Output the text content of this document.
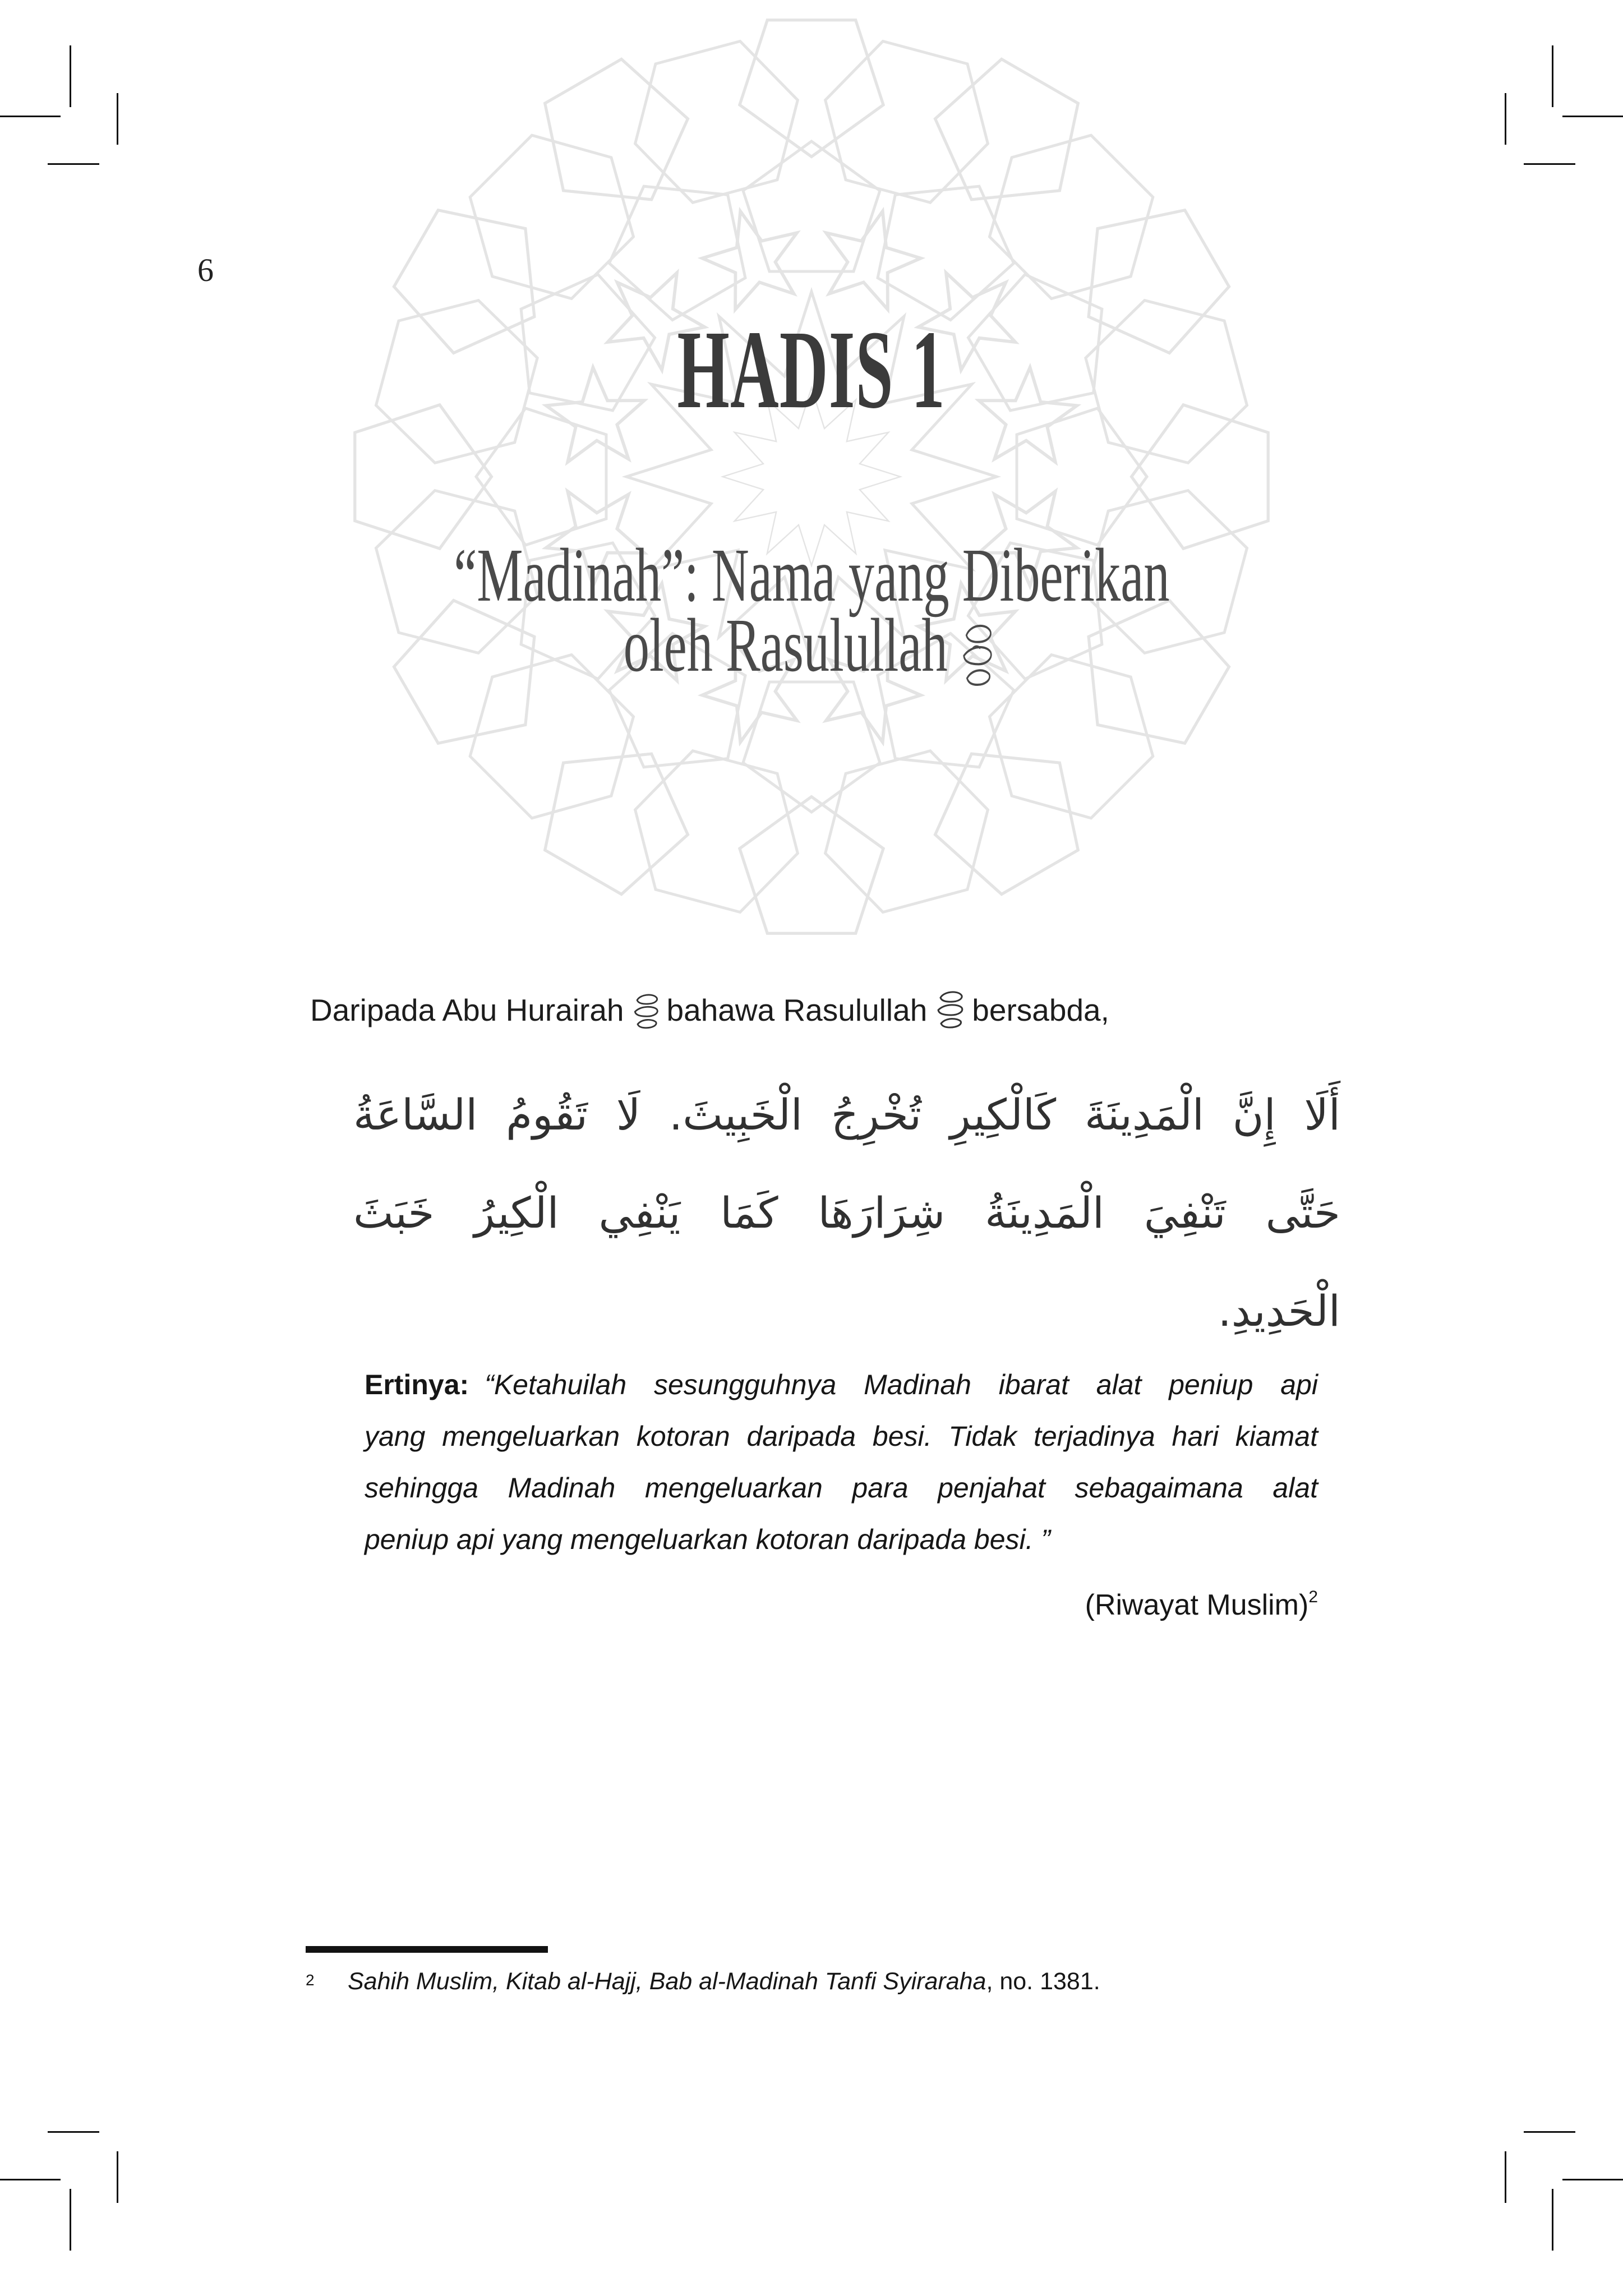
6
HADIS 1
“Madinah”: Nama yang Diberikan
oleh Rasulullah
Daripada Abu Hurairah bahawa Rasulullah bersabda,
أَلَا إِنَّ الْمَدِينَةَ كَالْكِيرِ تُخْرِجُ الْخَبِيثَ. لَا تَقُومُ السَّاعَةُ
حَتَّى تَنْفِيَ الْمَدِينَةُ شِرَارَهَا كَمَا يَنْفِي الْكِيرُ خَبَثَ
الْحَدِيدِ.
Ertinya: “Ketahuilah sesungguhnya Madinah ibarat alat peniup api
yang mengeluarkan kotoran daripada besi. Tidak terjadinya hari kiamat
sehingga Madinah mengeluarkan para penjahat sebagaimana alat
peniup api yang mengeluarkan kotoran daripada besi. ”
(Riwayat Muslim)$^2$
2 Sahih Muslim, Kitab al-Hajj, Bab al-Madinah Tanfi Syiraraha, no. 1381.
